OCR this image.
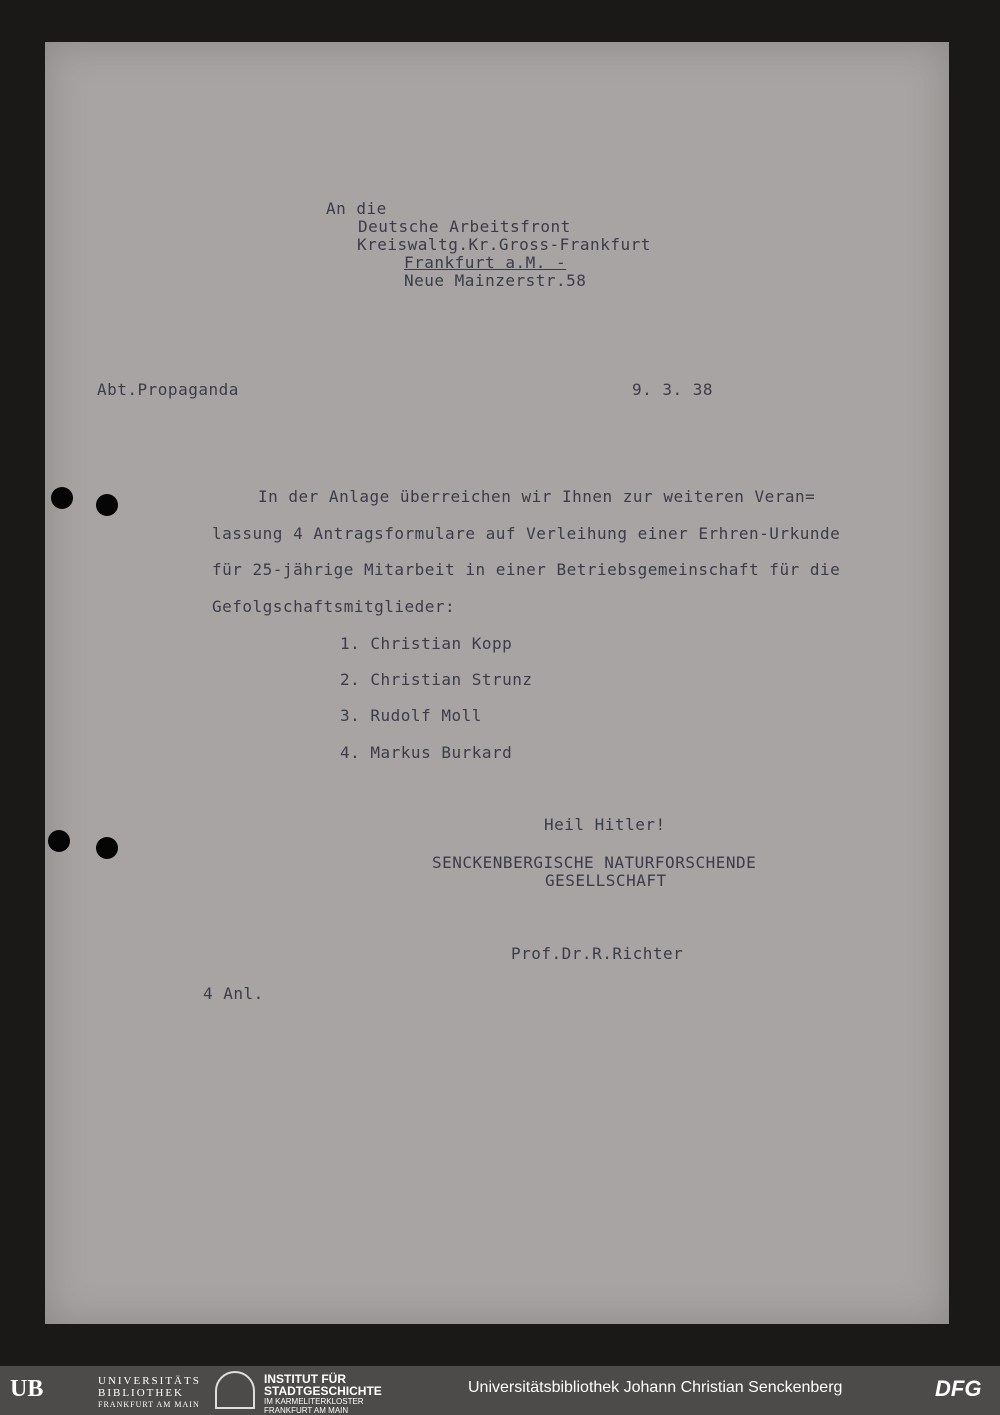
An die
Deutsche Arbeitsfront
Kreiswaltg.Kr.Gross-Frankfurt
Frankfurt a.M. -
Neue Mainzerstr.58
Abt.Propaganda	9. 3. 38
In der Anlage überreichen wir Ihnen zur weiteren Veran=
lassung 4 Antragsformulare auf Verleihung einer Erhren-Urkunde
für 25-jährige Mitarbeit in einer Betriebsgemeinschaft für die
Gefolgschaftsmitglieder:
1. Christian Kopp
2. Christian Strunz
3. Rudolf Moll
4. Markus Burkard
Heil Hitler!
SENCKENBERGISCHE NATURFORSCHENDE
GESELLSCHAFT
Prof.Dr.R.Richter
4 Anl.
UB	UNIVERSITÄTS
BIBLIOTHEK
FRANKFURT AM MAIN
INSTITUT FÜR
STADTGESCHICHTE
IM KARMELITERKLOSTER
FRANKFURT AM MAIN
Universitätsbibliothek Johann Christian Senckenberg	DFG
